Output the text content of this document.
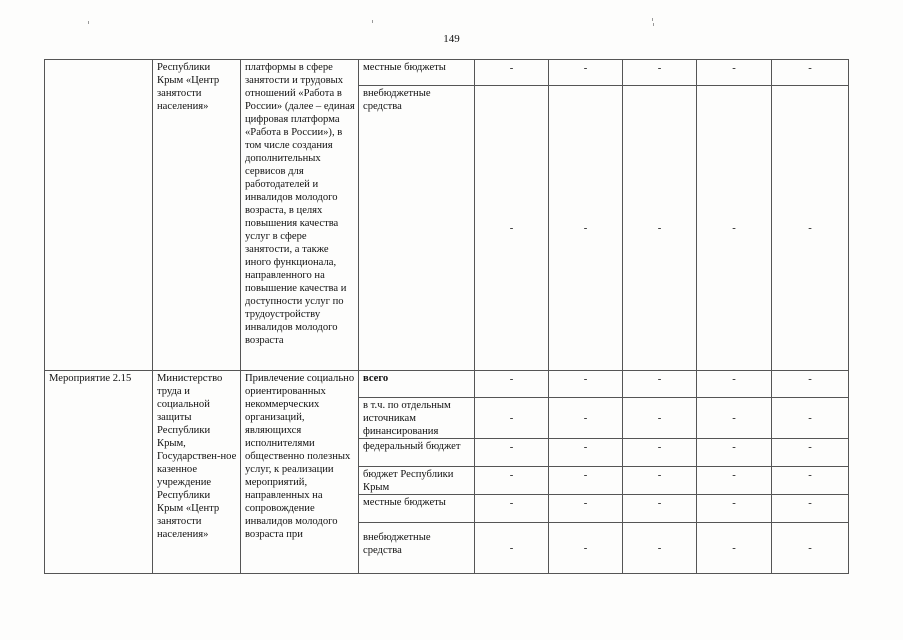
149
	Республики Крым «Центр занятости населения»	платформы в сфере занятости и трудовых отношений «Работа в России» (далее – единая цифровая платформа «Работа в России»), в том числе создания дополнительных сервисов для работодателей и инвалидов молодого возраста, в целях повышения качества услуг в сфере занятости, а также иного функционала, направленного на повышение качества и доступности услуг по трудоустройству инвалидов молодого возраста	местные бюджеты	-	-	-	-	-
			внебюджетные средства	-	-	-	-	-
Мероприятие 2.15	Министерство труда и социальной защиты Республики Крым, Государствен-ное казенное учреждение Республики Крым «Центр занятости населения»	Привлечение социально ориентированных некоммерческих организаций, являющихся исполнителями общественно полезных услуг, к реализации мероприятий, направленных на сопровождение инвалидов молодого возраста при	всего	-	-	-	-	-
			в т.ч. по отдельным источникам финансирования	-	-	-	-	-
			федеральный бюджет	-	-	-	-	-
			бюджет Республики Крым	-	-	-	-	-
			местные бюджеты	-	-	-	-	-
			внебюджетные средства	-	-	-	-	-
